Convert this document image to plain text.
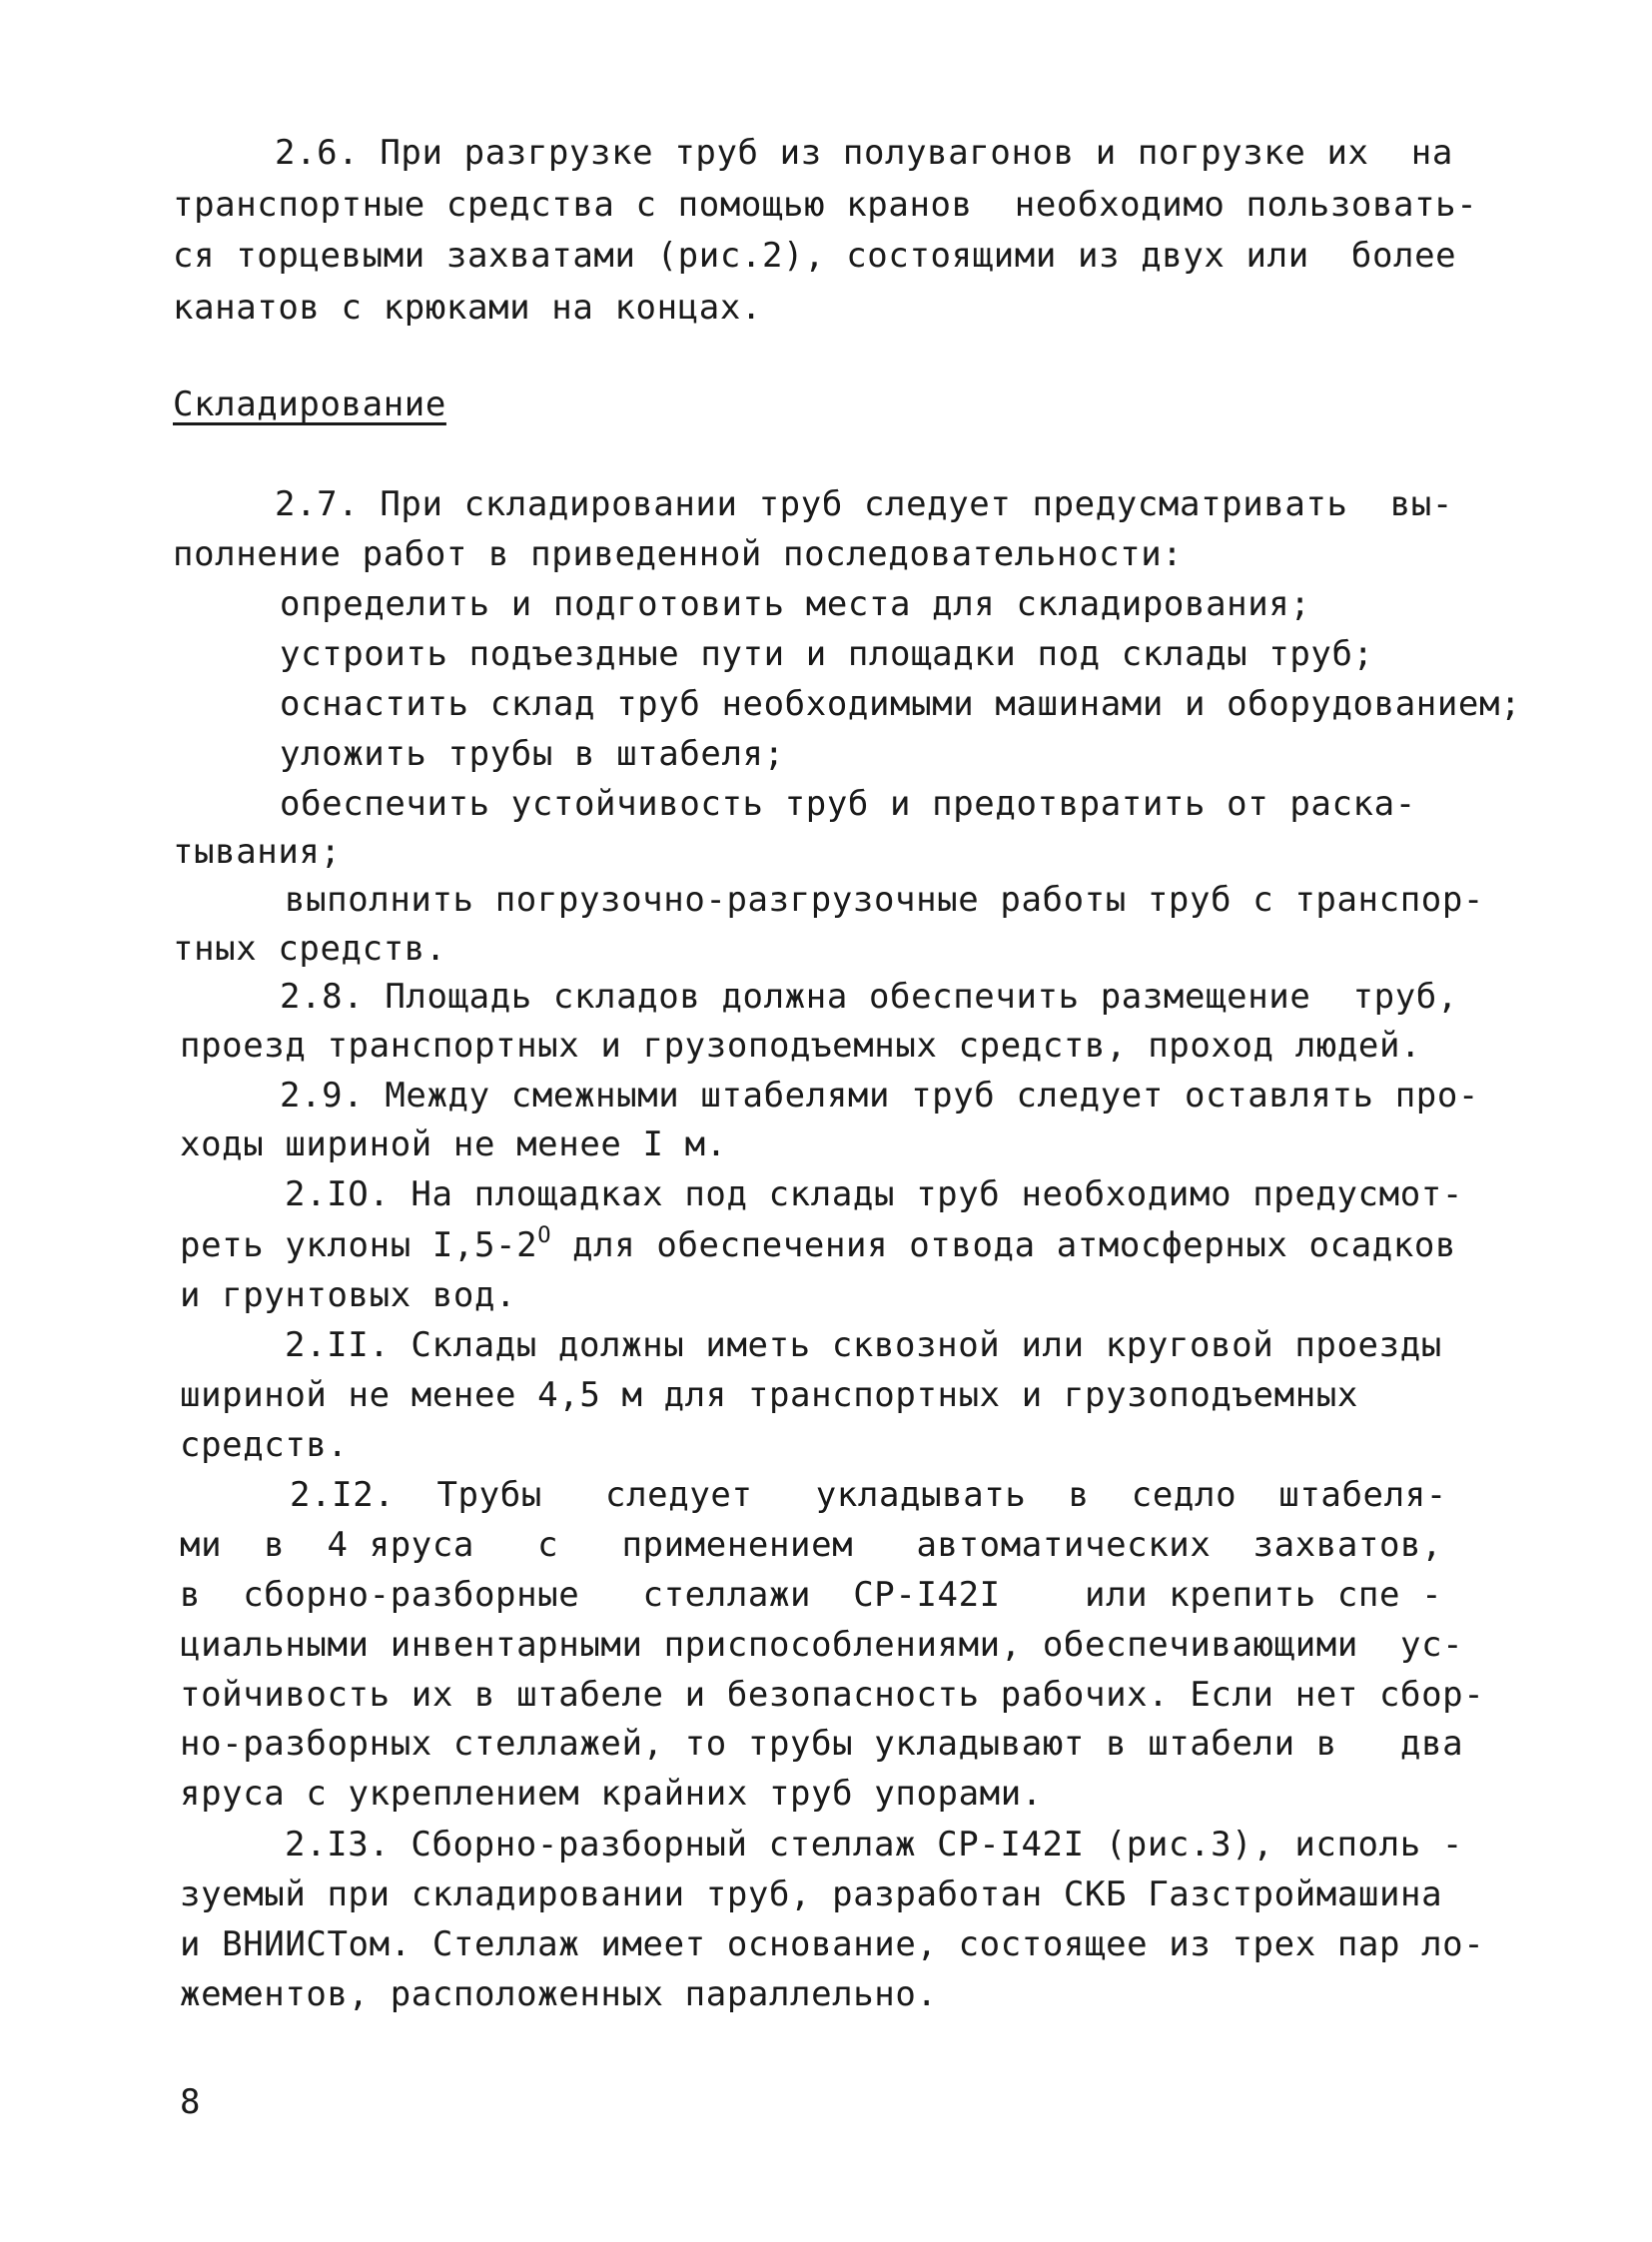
2.6. При разгрузке труб из полувагонов и погрузке их  на
транспортные средства с помощью кранов  необходимо пользовать-
ся торцевыми захватами (рис.2), состоящими из двух или  более
канатов с крюками на концах.
Складирование
2.7. При складировании труб следует предусматривать  вы-
полнение работ в приведенной последовательности:
определить и подготовить места для складирования;
устроить подъездные пути и площадки под склады труб;
оснастить склад труб необходимыми машинами и оборудованием;
уложить трубы в штабеля;
обеспечить устойчивость труб и предотвратить от раска-
тывания;
выполнить погрузочно-разгрузочные работы труб с транспор-
тных средств.
2.8. Площадь складов должна обеспечить размещение  труб,
проезд транспортных и грузоподъемных средств, проход людей.
2.9. Между смежными штабелями труб следует оставлять про-
ходы шириной не менее I м.
2.IO. На площадках под склады труб необходимо предусмот-
реть уклоны $I,5-2^O$ для обеспечения отвода атмосферных осадков
и грунтовых вод.
2.II. Склады должны иметь сквозной или круговой проезды
шириной не менее 4,5 м для транспортных и грузоподъемных
средств.
2.I2.  Трубы   следует   укладывать  в  седло  штабеля-
ми  в  4 яруса   с   применением   автоматических  захватов,
в  сборно-разборные   стеллажи  СР-I42I    или крепить спе -
циальными инвентарными приспособлениями, обеспечивающими  ус-
тойчивость их в штабеле и безопасность рабочих. Если нет сбор-
но-разборных стеллажей, то трубы укладывают в штабели в   два
яруса с укреплением крайних труб упорами.
2.I3. Сборно-разборный стеллаж СР-I42I (рис.3), исполь -
зуемый при складировании труб, разработан СКБ Газстроймашина
и ВНИИСТом. Стеллаж имеет основание, состоящее из трех пар ло-
жементов, расположенных параллельно.
8
